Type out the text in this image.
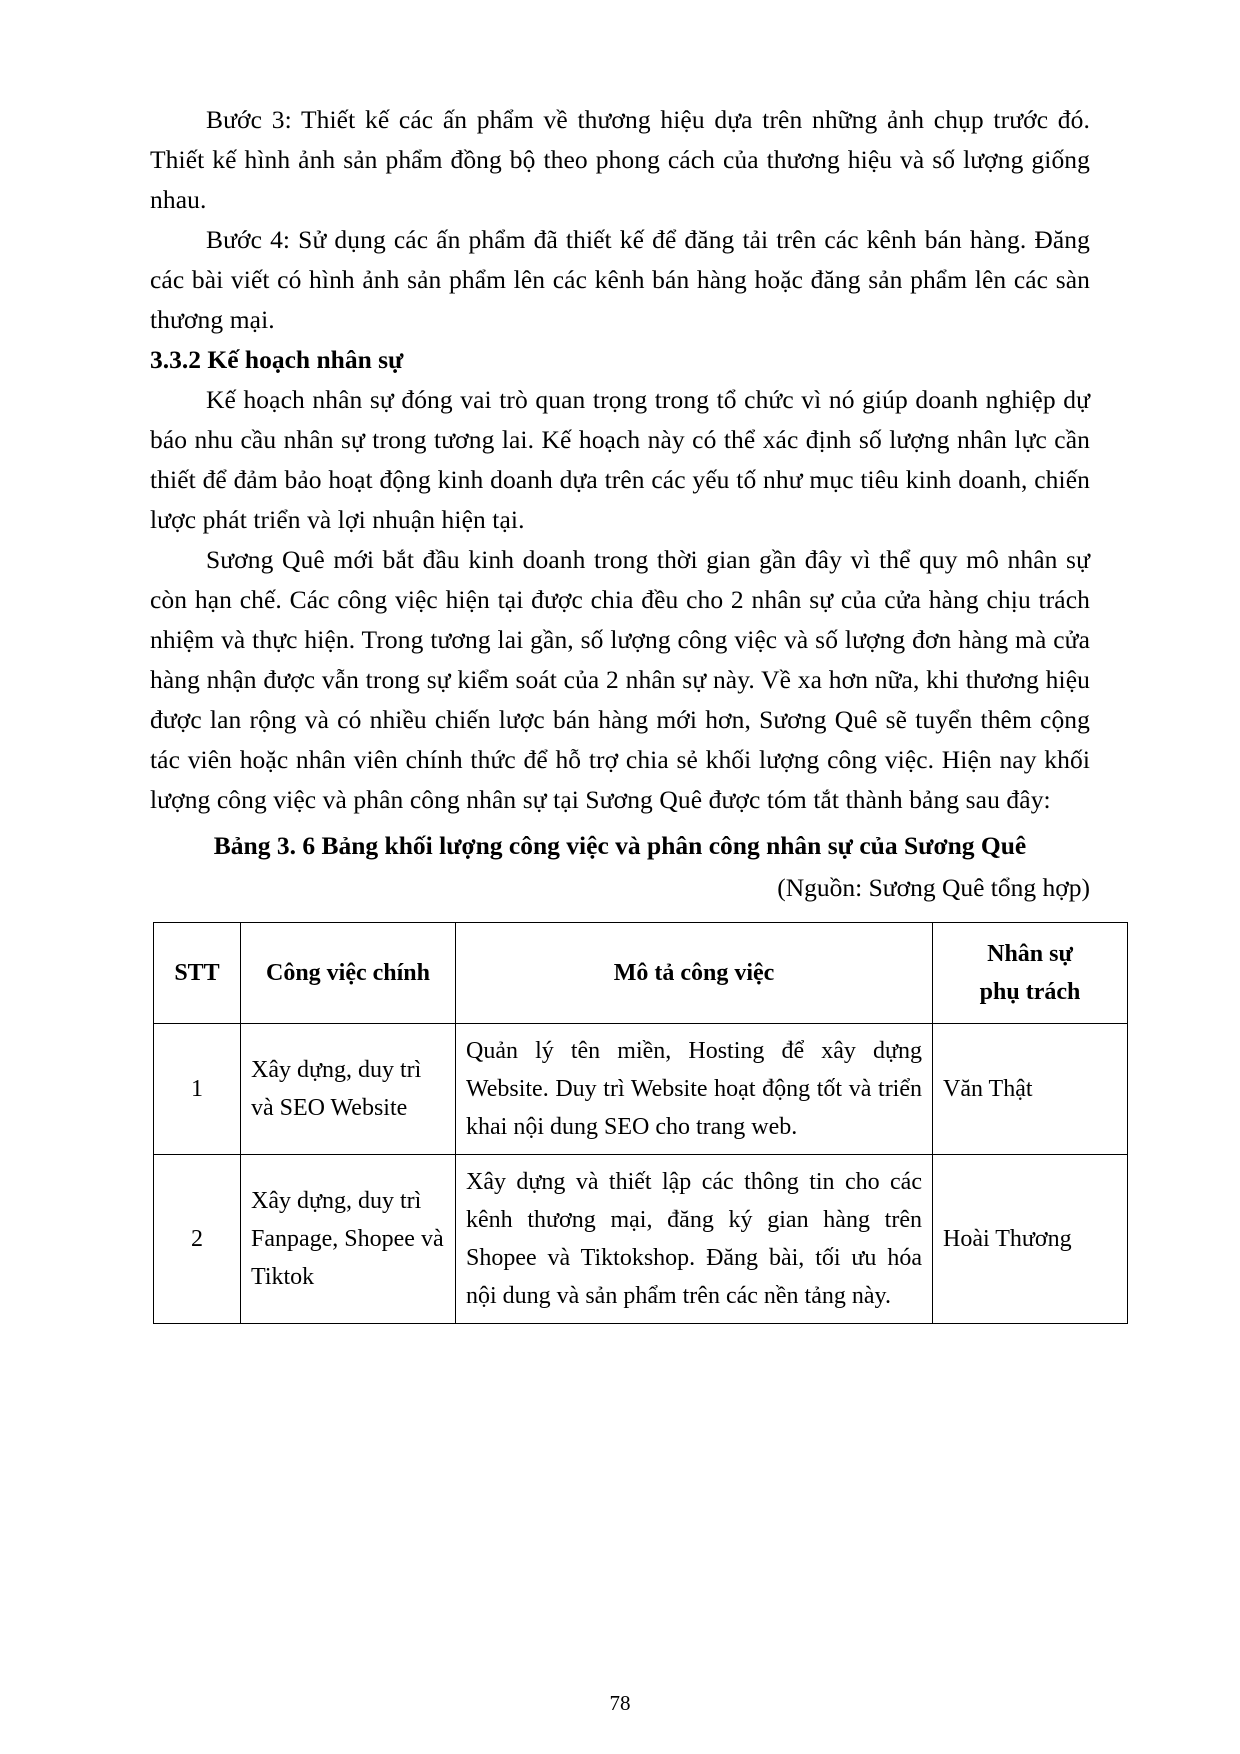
Bước 3: Thiết kế các ấn phẩm về thương hiệu dựa trên những ảnh chụp trước đó. Thiết kế hình ảnh sản phẩm đồng bộ theo phong cách của thương hiệu và số lượng giống nhau.

Bước 4: Sử dụng các ấn phẩm đã thiết kế để đăng tải trên các kênh bán hàng. Đăng các bài viết có hình ảnh sản phẩm lên các kênh bán hàng hoặc đăng sản phẩm lên các sàn thương mại.

3.3.2 Kế hoạch nhân sự

Kế hoạch nhân sự đóng vai trò quan trọng trong tổ chức vì nó giúp doanh nghiệp dự báo nhu cầu nhân sự trong tương lai. Kế hoạch này có thể xác định số lượng nhân lực cần thiết để đảm bảo hoạt động kinh doanh dựa trên các yếu tố như mục tiêu kinh doanh, chiến lược phát triển và lợi nhuận hiện tại.

Sương Quê mới bắt đầu kinh doanh trong thời gian gần đây vì thể quy mô nhân sự còn hạn chế. Các công việc hiện tại được chia đều cho 2 nhân sự của cửa hàng chịu trách nhiệm và thực hiện. Trong tương lai gần, số lượng công việc và số lượng đơn hàng mà cửa hàng nhận được vẫn trong sự kiểm soát của 2 nhân sự này. Về xa hơn nữa, khi thương hiệu được lan rộng và có nhiều chiến lược bán hàng mới hơn, Sương Quê sẽ tuyển thêm cộng tác viên hoặc nhân viên chính thức để hỗ trợ chia sẻ khối lượng công việc. Hiện nay khối lượng công việc và phân công nhân sự tại Sương Quê được tóm tắt thành bảng sau đây:

Bảng 3. 6 Bảng khối lượng công việc và phân công nhân sự của Sương Quê

(Nguồn: Sương Quê tổng hợp)

STT	Công việc chính	Mô tả công việc	Nhân sự
phụ trách

1	Xây dựng, duy trì và SEO Website	Quản lý tên miền, Hosting để xây dựng Website. Duy trì Website hoạt động tốt và triển khai nội dung SEO cho trang web.	Văn Thật
2	Xây dựng, duy trì Fanpage, Shopee và Tiktok	Xây dựng và thiết lập các thông tin cho các kênh thương mại, đăng ký gian hàng trên Shopee và Tiktokshop. Đăng bài, tối ưu hóa nội dung và sản phẩm trên các nền tảng này.	Hoài Thương
78
